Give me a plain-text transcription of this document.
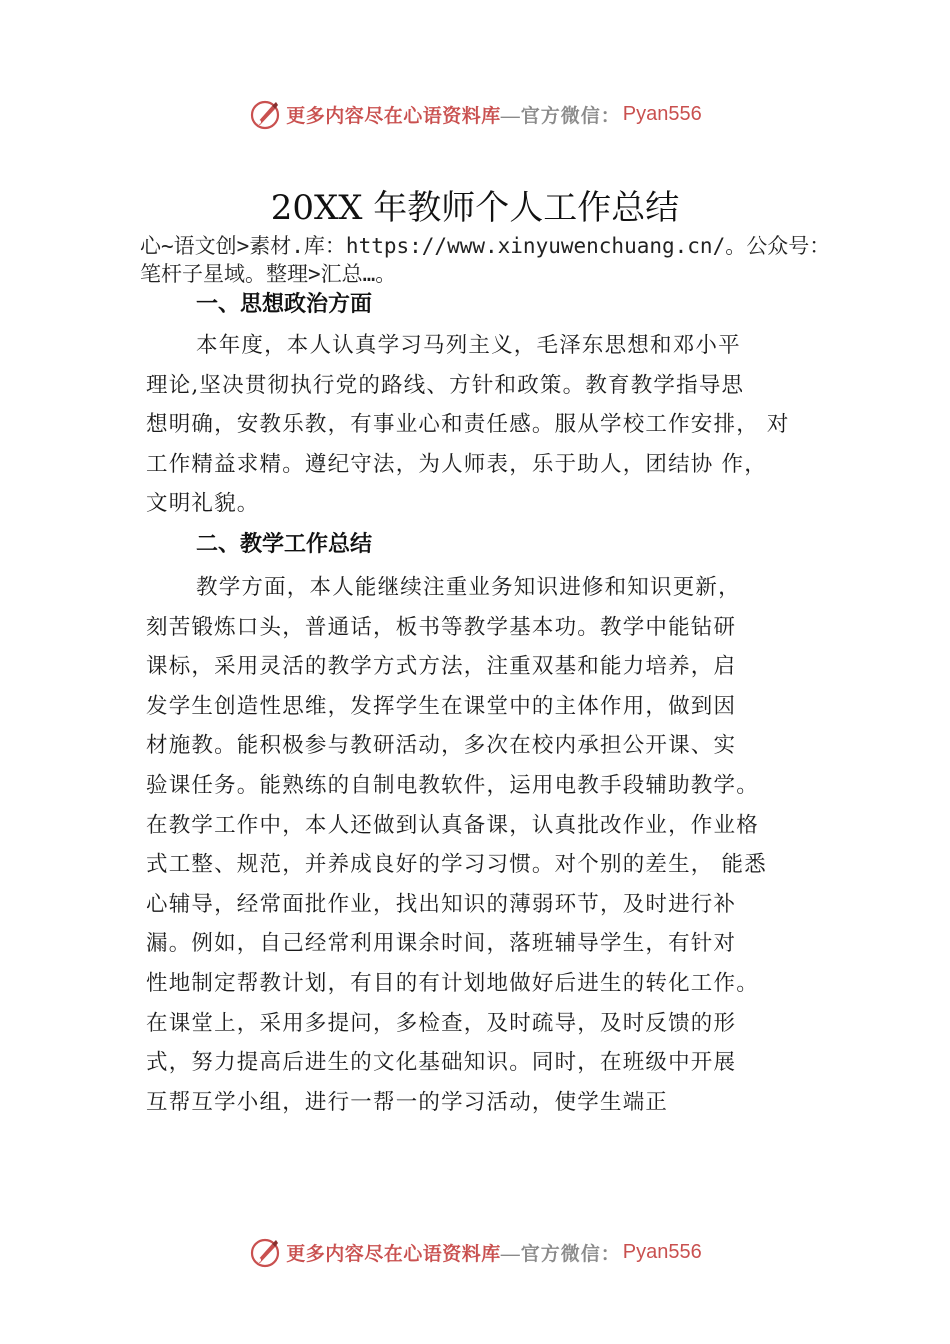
更多内容尽在心语资料库 —官方微信： Pyan556
20XX 年教师个人工作总结
心~语文创>素材.库：https://www.xinyuwenchuang.cn/。公众号：笔杆子星域。整理>汇总…。
一、思想政治方面
本年度，本人认真学习马列主义，毛泽东思想和邓小平
理论,坚决贯彻执行党的路线、方针和政策。教育教学指导思
想明确，安教乐教，有事业心和责任感。服从学校工作安排， 对
工作精益求精。遵纪守法，为人师表，乐于助人，团结协 作，
文明礼貌。
二、教学工作总结
教学方面，本人能继续注重业务知识进修和知识更新，
刻苦锻炼口头，普通话，板书等教学基本功。教学中能钻研
课标，采用灵活的教学方式方法，注重双基和能力培养，启
发学生创造性思维，发挥学生在课堂中的主体作用，做到因
材施教。能积极参与教研活动，多次在校内承担公开课、实
验课任务。能熟练的自制电教软件，运用电教手段辅助教学。
在教学工作中，本人还做到认真备课，认真批改作业，作业格
式工整、规范，并养成良好的学习习惯。对个别的差生， 能悉
心辅导，经常面批作业，找出知识的薄弱环节，及时进行补
漏。例如，自己经常利用课余时间，落班辅导学生，有针对
性地制定帮教计划，有目的有计划地做好后进生的转化工作。
在课堂上，采用多提问，多检查，及时疏导，及时反馈的形
式，努力提高后进生的文化基础知识。同时，在班级中开展
互帮互学小组，进行一帮一的学习活动，使学生端正
更多内容尽在心语资料库 —官方微信： Pyan556
